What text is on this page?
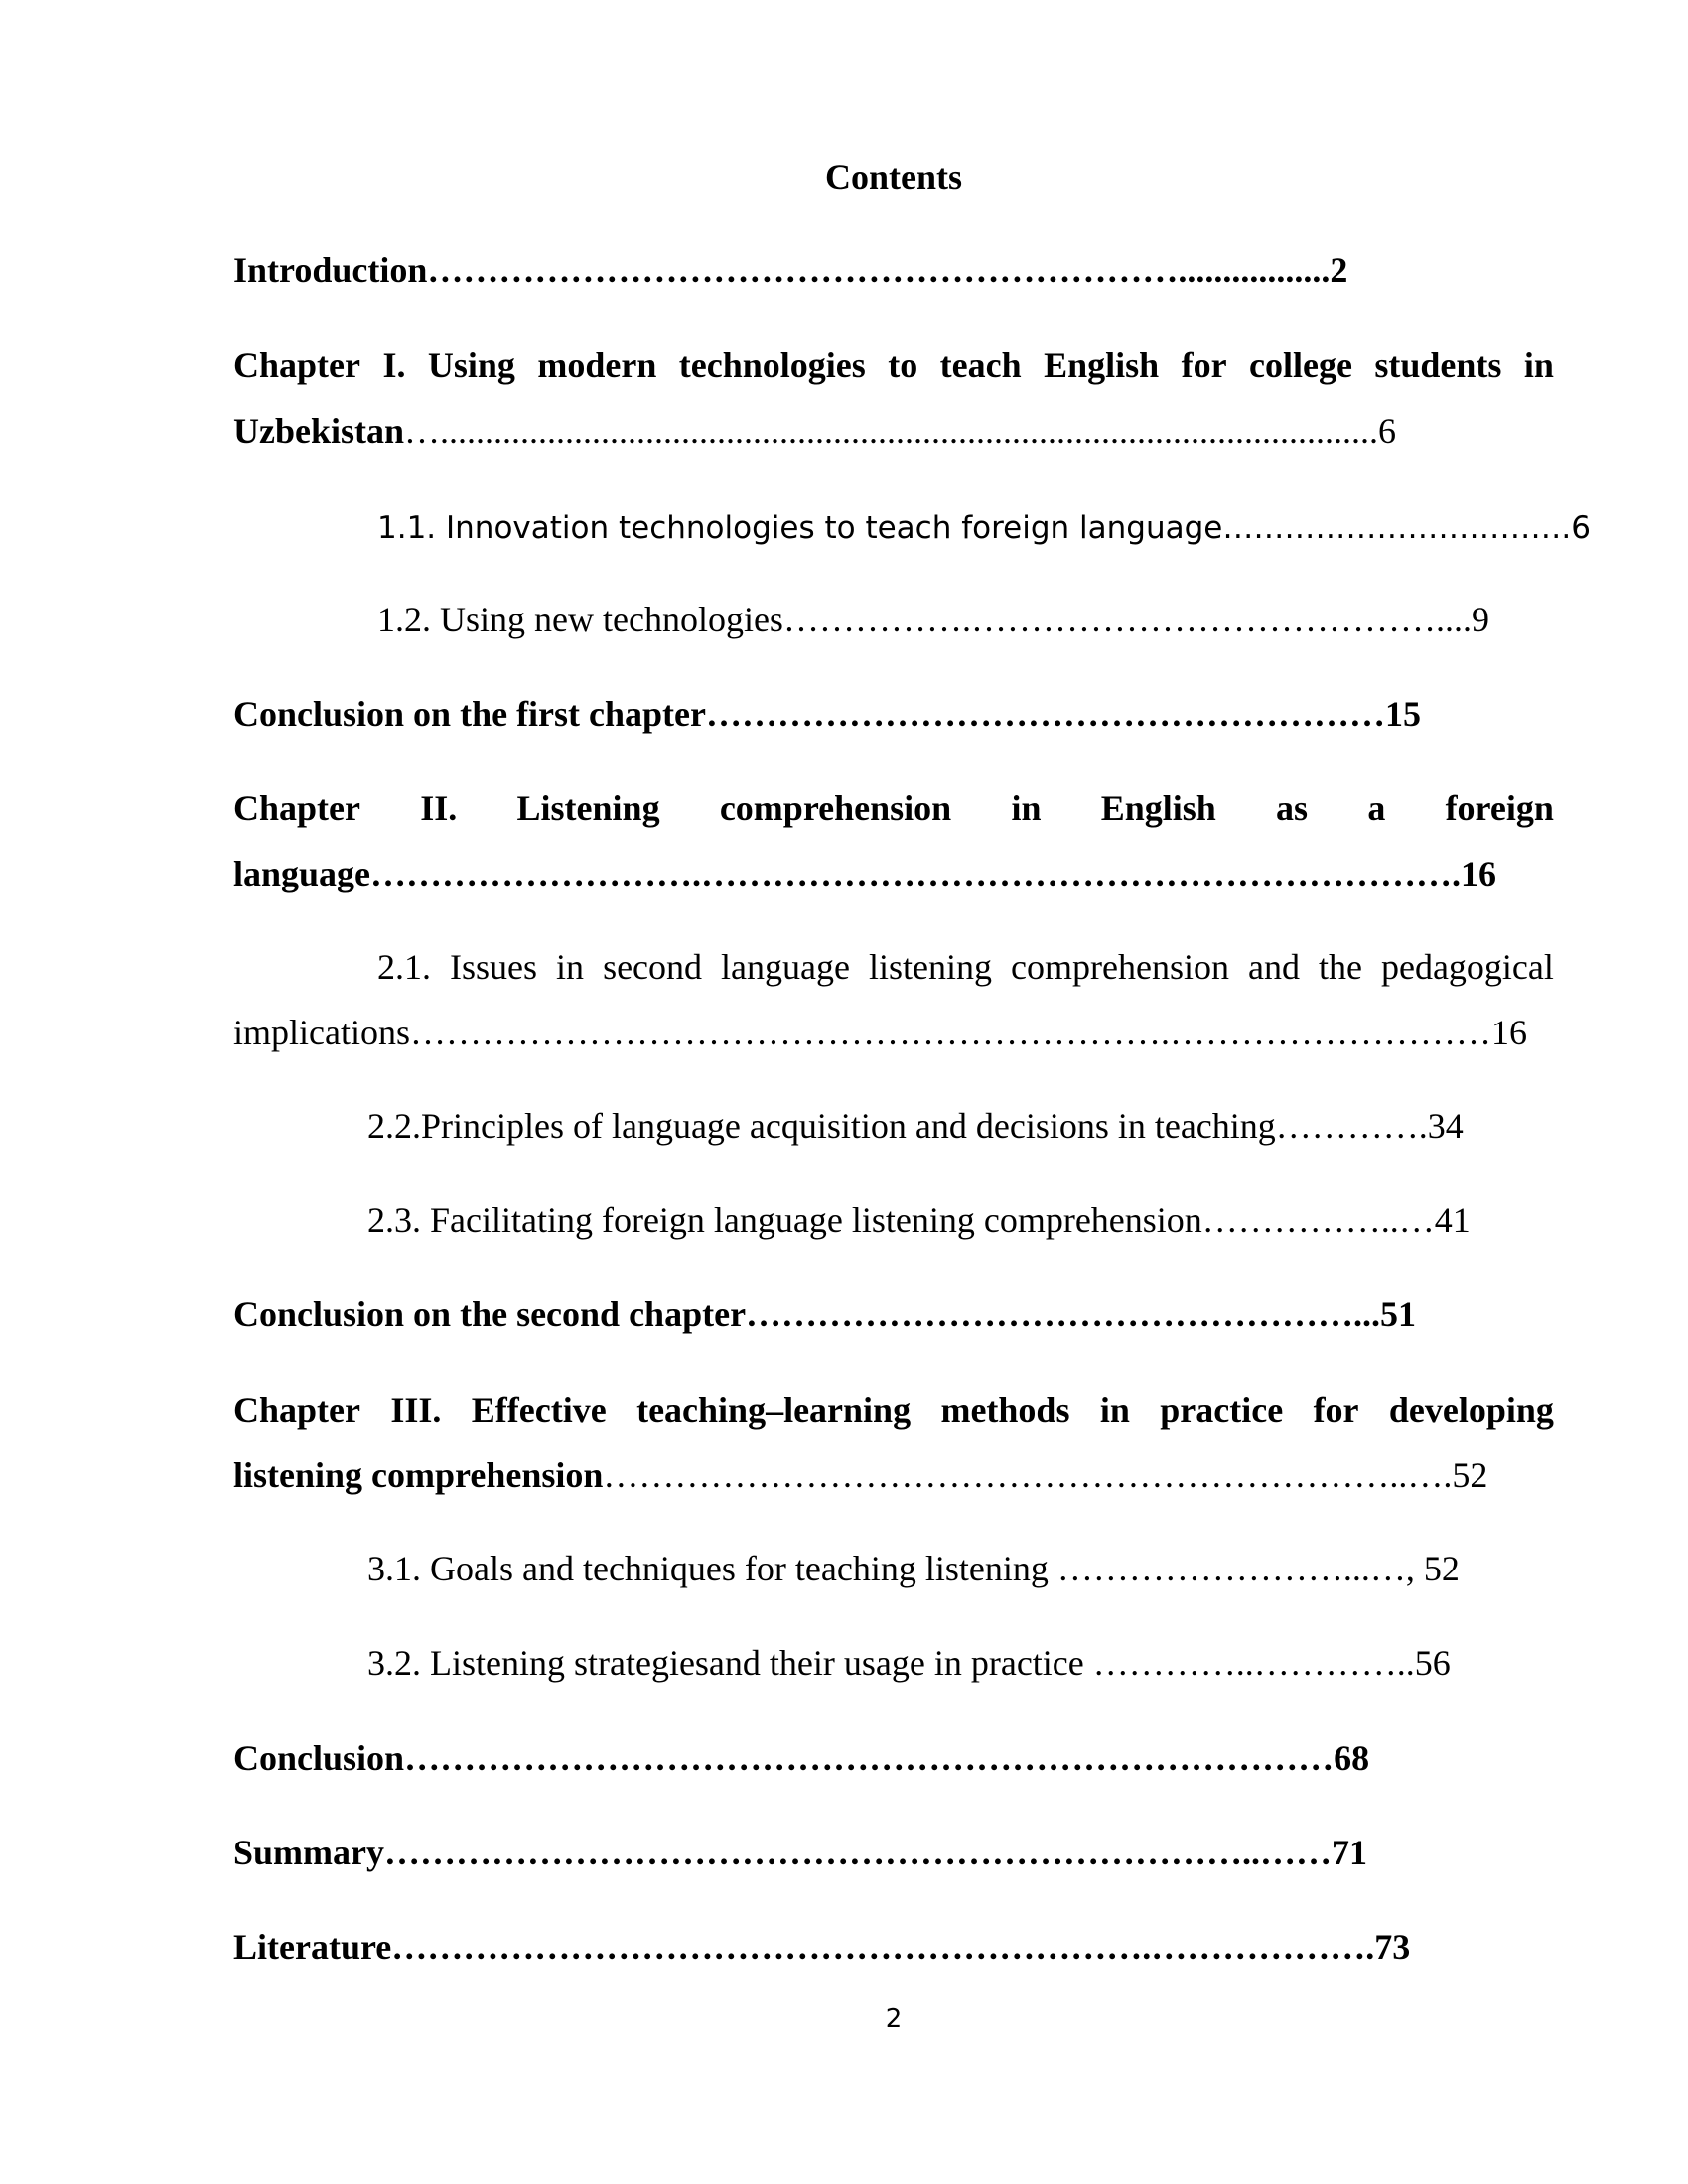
Contents
Introduction……………………………………………………….................2
Chapter I. Using modern technologies to teach English for college students in
Uzbekistan….........................................................................................................6
1.1. Innovation technologies to teach foreign language…………………………….6
1.2. Using new technologies…………….…………………………………....9
Conclusion on the first chapter…………………………………………………15
Chapter II. Listening comprehension in English as a foreign
language……………………….……………………………………………………….16
2.1. Issues in second language listening comprehension and the pedagogical
implications……………………………………………………….………………………16
2.2.Principles of language acquisition and decisions in teaching………….34
2.3. Facilitating foreign language listening comprehension……………..…41
Conclusion on the second chapter……………………………………………...51
Chapter III. Effective teaching–learning methods in practice for developing
listening comprehension…………………………………………………………..….52
3.1. Goals and techniques for teaching listening ……………………...…, 52
3.2. Listening strategiesand their usage in practice …………..…………..56
Conclusion……………………………………………………………………68
Summary………………………………………………………………..……71
Literature……………………………………………………….……………….73
2
